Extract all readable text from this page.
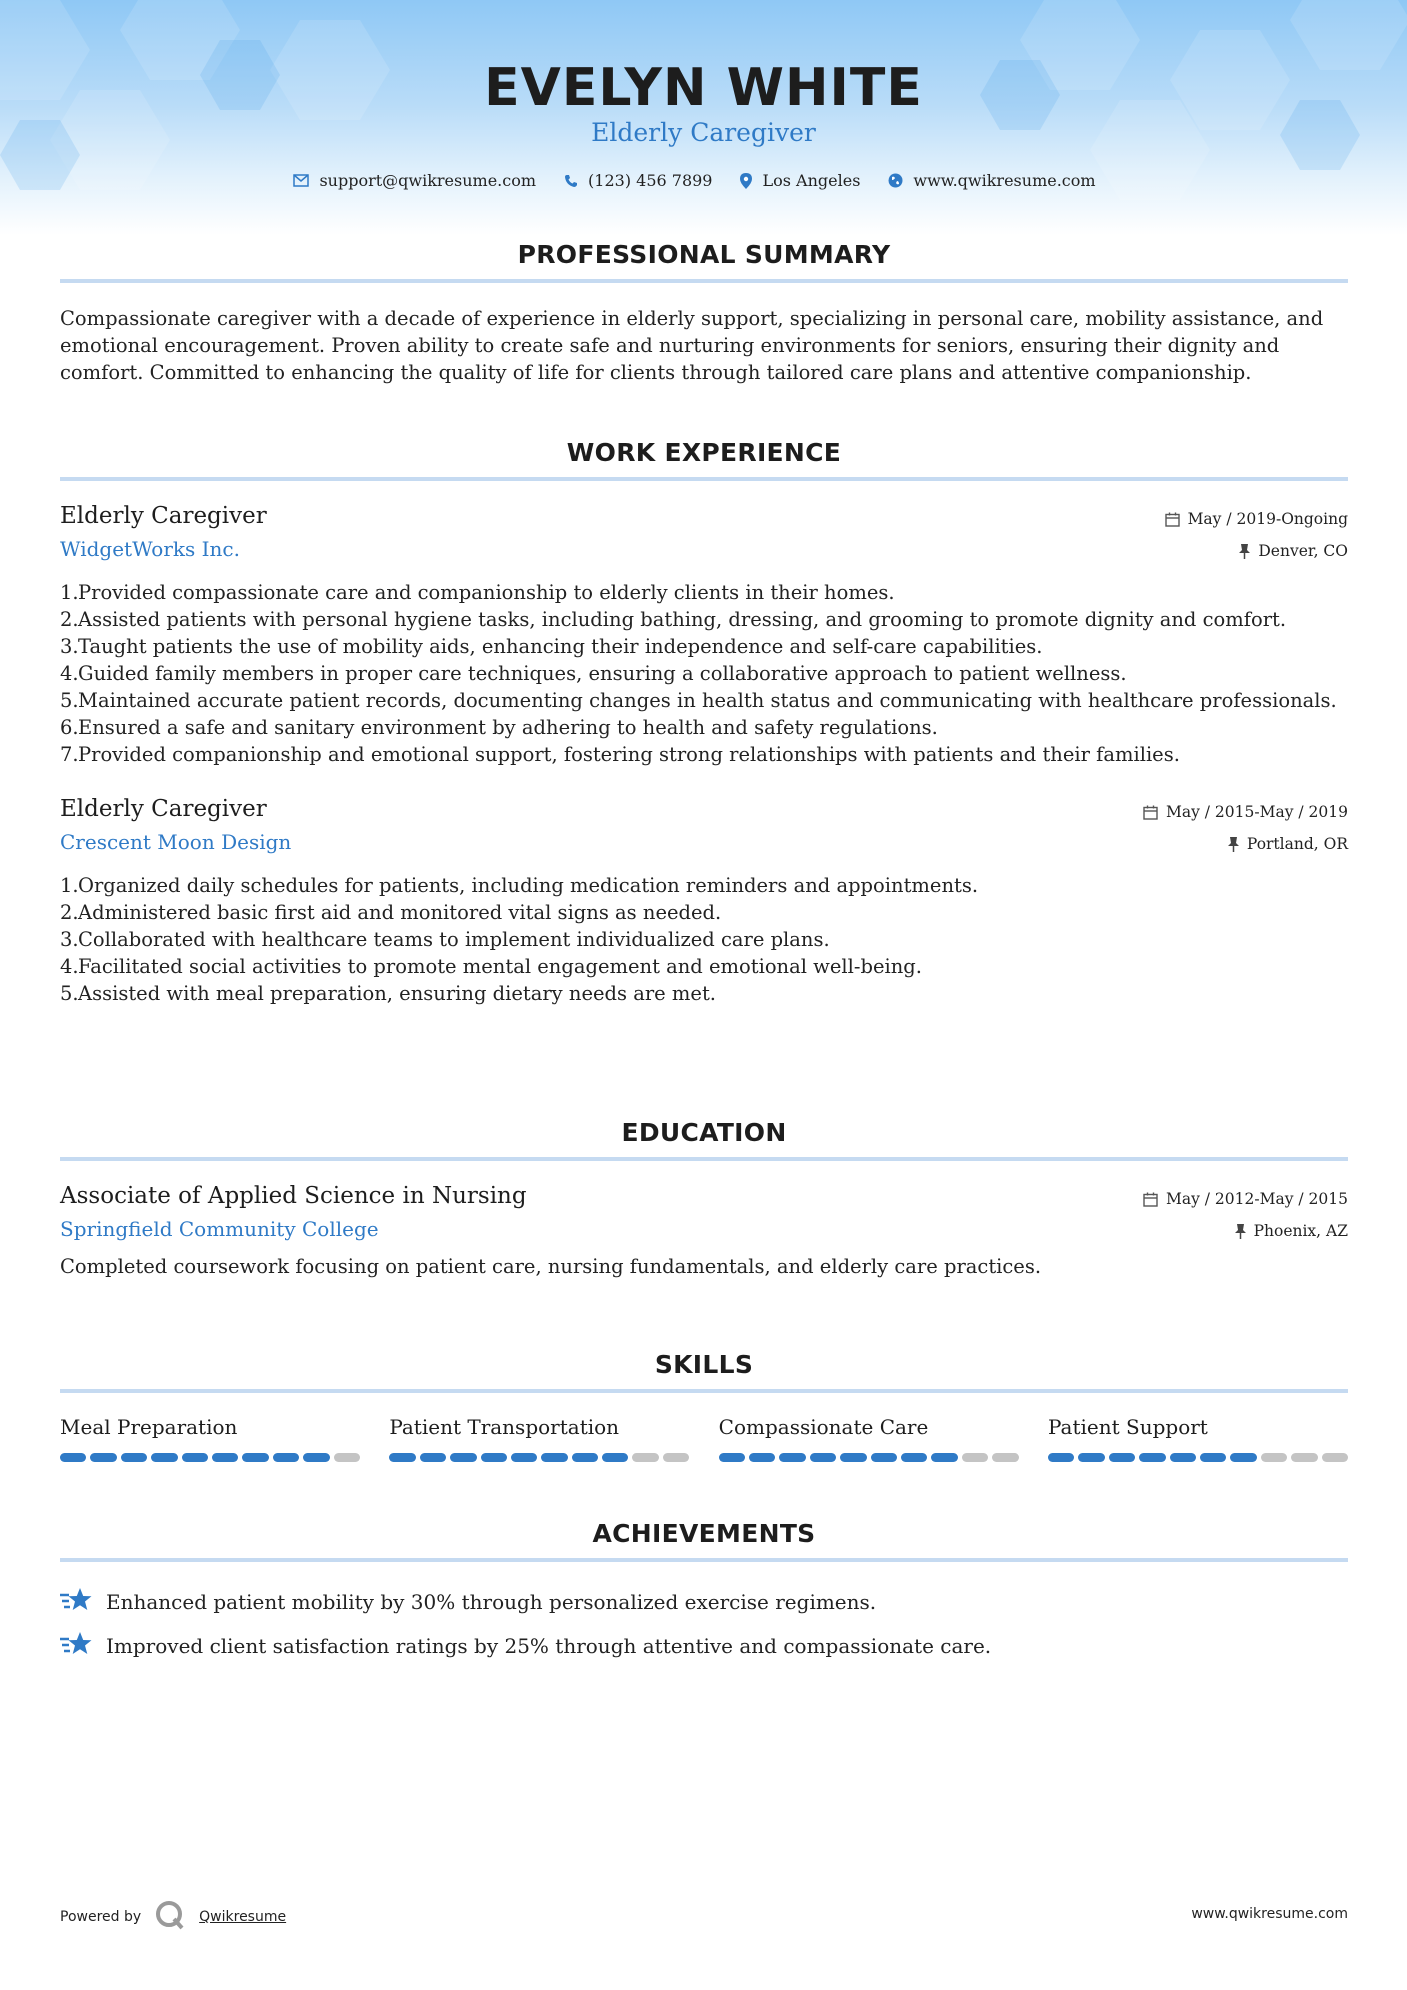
EVELYN WHITE
Elderly Caregiver
support@qwikresume.com	(123) 456 7899	Los Angeles	www.qwikresume.com
PROFESSIONAL SUMMARY

Compassionate caregiver with a decade of experience in elderly support, specializing in personal care, mobility assistance, and emotional encouragement. Proven ability to create safe and nurturing environments for seniors, ensuring their dignity and comfort. Committed to enhancing the quality of life for clients through tailored care plans and attentive companionship.

WORK EXPERIENCE
Elderly Caregiver
WidgetWorks Inc.
May / 2019-Ongoing
Denver, CO
1. Provided compassionate care and companionship to elderly clients in their homes.
2. Assisted patients with personal hygiene tasks, including bathing, dressing, and grooming to promote dignity and comfort.
3. Taught patients the use of mobility aids, enhancing their independence and self-care capabilities.
4. Guided family members in proper care techniques, ensuring a collaborative approach to patient wellness.
5. Maintained accurate patient records, documenting changes in health status and communicating with healthcare professionals.
6. Ensured a safe and sanitary environment by adhering to health and safety regulations.
7. Provided companionship and emotional support, fostering strong relationships with patients and their families.
Elderly Caregiver
Crescent Moon Design
May / 2015-May / 2019
Portland, OR
1. Organized daily schedules for patients, including medication reminders and appointments.
2. Administered basic first aid and monitored vital signs as needed.
3. Collaborated with healthcare teams to implement individualized care plans.
4. Facilitated social activities to promote mental engagement and emotional well-being.
5. Assisted with meal preparation, ensuring dietary needs are met.
EDUCATION
Associate of Applied Science in Nursing
Springfield Community College
May / 2012-May / 2015
Phoenix, AZ

Completed coursework focusing on patient care, nursing fundamentals, and elderly care practices.

SKILLS
Meal Preparation	Patient Transportation	Compassionate Care	Patient Support
ACHIEVEMENTS
Enhanced patient mobility by 30% through personalized exercise regimens.
Improved client satisfaction ratings by 25% through attentive and compassionate care.
Powered by	Qwikresume	www.qwikresume.com
